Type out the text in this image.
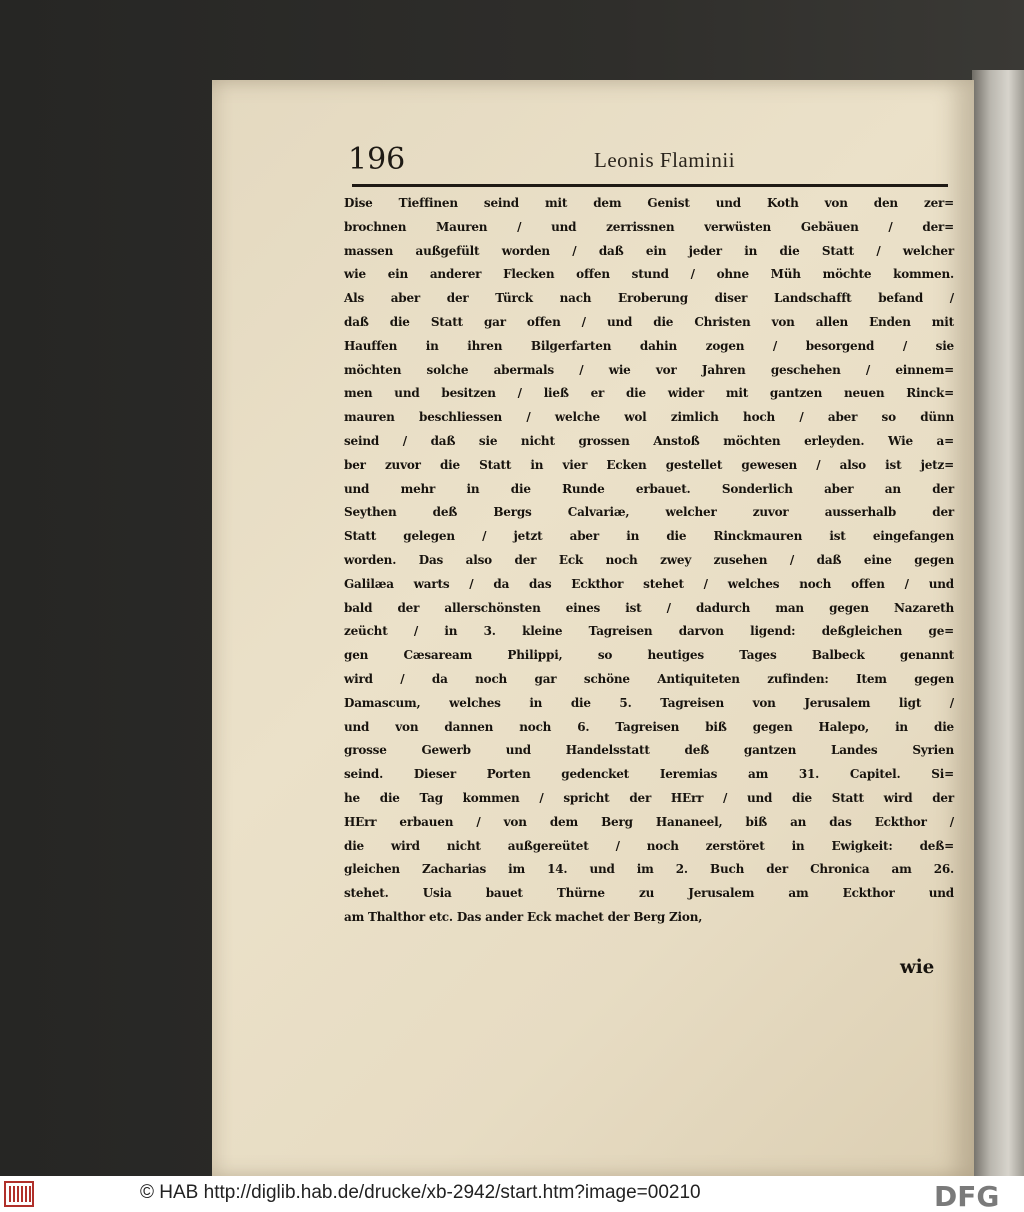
196	Leonis Flaminii
Dise Tieffinen seind mit dem Genist und Koth von den zer=
brochnen Mauren / und zerrissnen verwüsten Gebäuen / der=
massen außgefült worden / daß ein jeder in die Statt / welcher
wie ein anderer Flecken offen stund / ohne Müh möchte kommen.
Als aber der Türck nach Eroberung diser Landschafft befand /
daß die Statt gar offen / und die Christen von allen Enden mit
Hauffen in ihren Bilgerfarten dahin zogen / besorgend / sie
möchten solche abermals / wie vor Jahren geschehen / einnem=
men und besitzen / ließ er die wider mit gantzen neuen Rinck=
mauren beschliessen / welche wol zimlich hoch / aber so dünn
seind / daß sie nicht grossen Anstoß möchten erleyden. Wie a=
ber zuvor die Statt in vier Ecken gestellet gewesen / also ist jetz=
und mehr in die Runde erbauet. Sonderlich aber an der
Seythen deß Bergs Calvariæ, welcher zuvor ausserhalb der
Statt gelegen / jetzt aber in die Rinckmauren ist eingefangen
worden. Das also der Eck noch zwey zusehen / daß eine gegen
Galilæa warts / da das Eckthor stehet / welches noch offen / und
bald der allerschönsten eines ist / dadurch man gegen Nazareth
zeücht / in 3. kleine Tagreisen darvon ligend: deßgleichen ge=
gen Cæsaream Philippi, so heutiges Tages Balbeck genannt
wird / da noch gar schöne Antiquiteten zufinden: Item gegen
Damascum, welches in die 5. Tagreisen von Jerusalem ligt /
und von dannen noch 6. Tagreisen biß gegen Halepo, in die
grosse Gewerb und Handelsstatt deß gantzen Landes Syrien
seind. Dieser Porten gedencket Ieremias am 31. Capitel. Si=
he die Tag kommen / spricht der HErr / und die Statt wird der
HErr erbauen / von dem Berg Hananeel, biß an das Eckthor /
die wird nicht außgereütet / noch zerstöret in Ewigkeit: deß=
gleichen Zacharias im 14. und im 2. Buch der Chronica am 26.
stehet. Usia bauet Thürne zu Jerusalem am Eckthor und
am Thalthor etc. Das ander Eck machet der Berg Zion,
wie
© HAB http://diglib.hab.de/drucke/xb-2942/start.htm?image=00210	DFG
